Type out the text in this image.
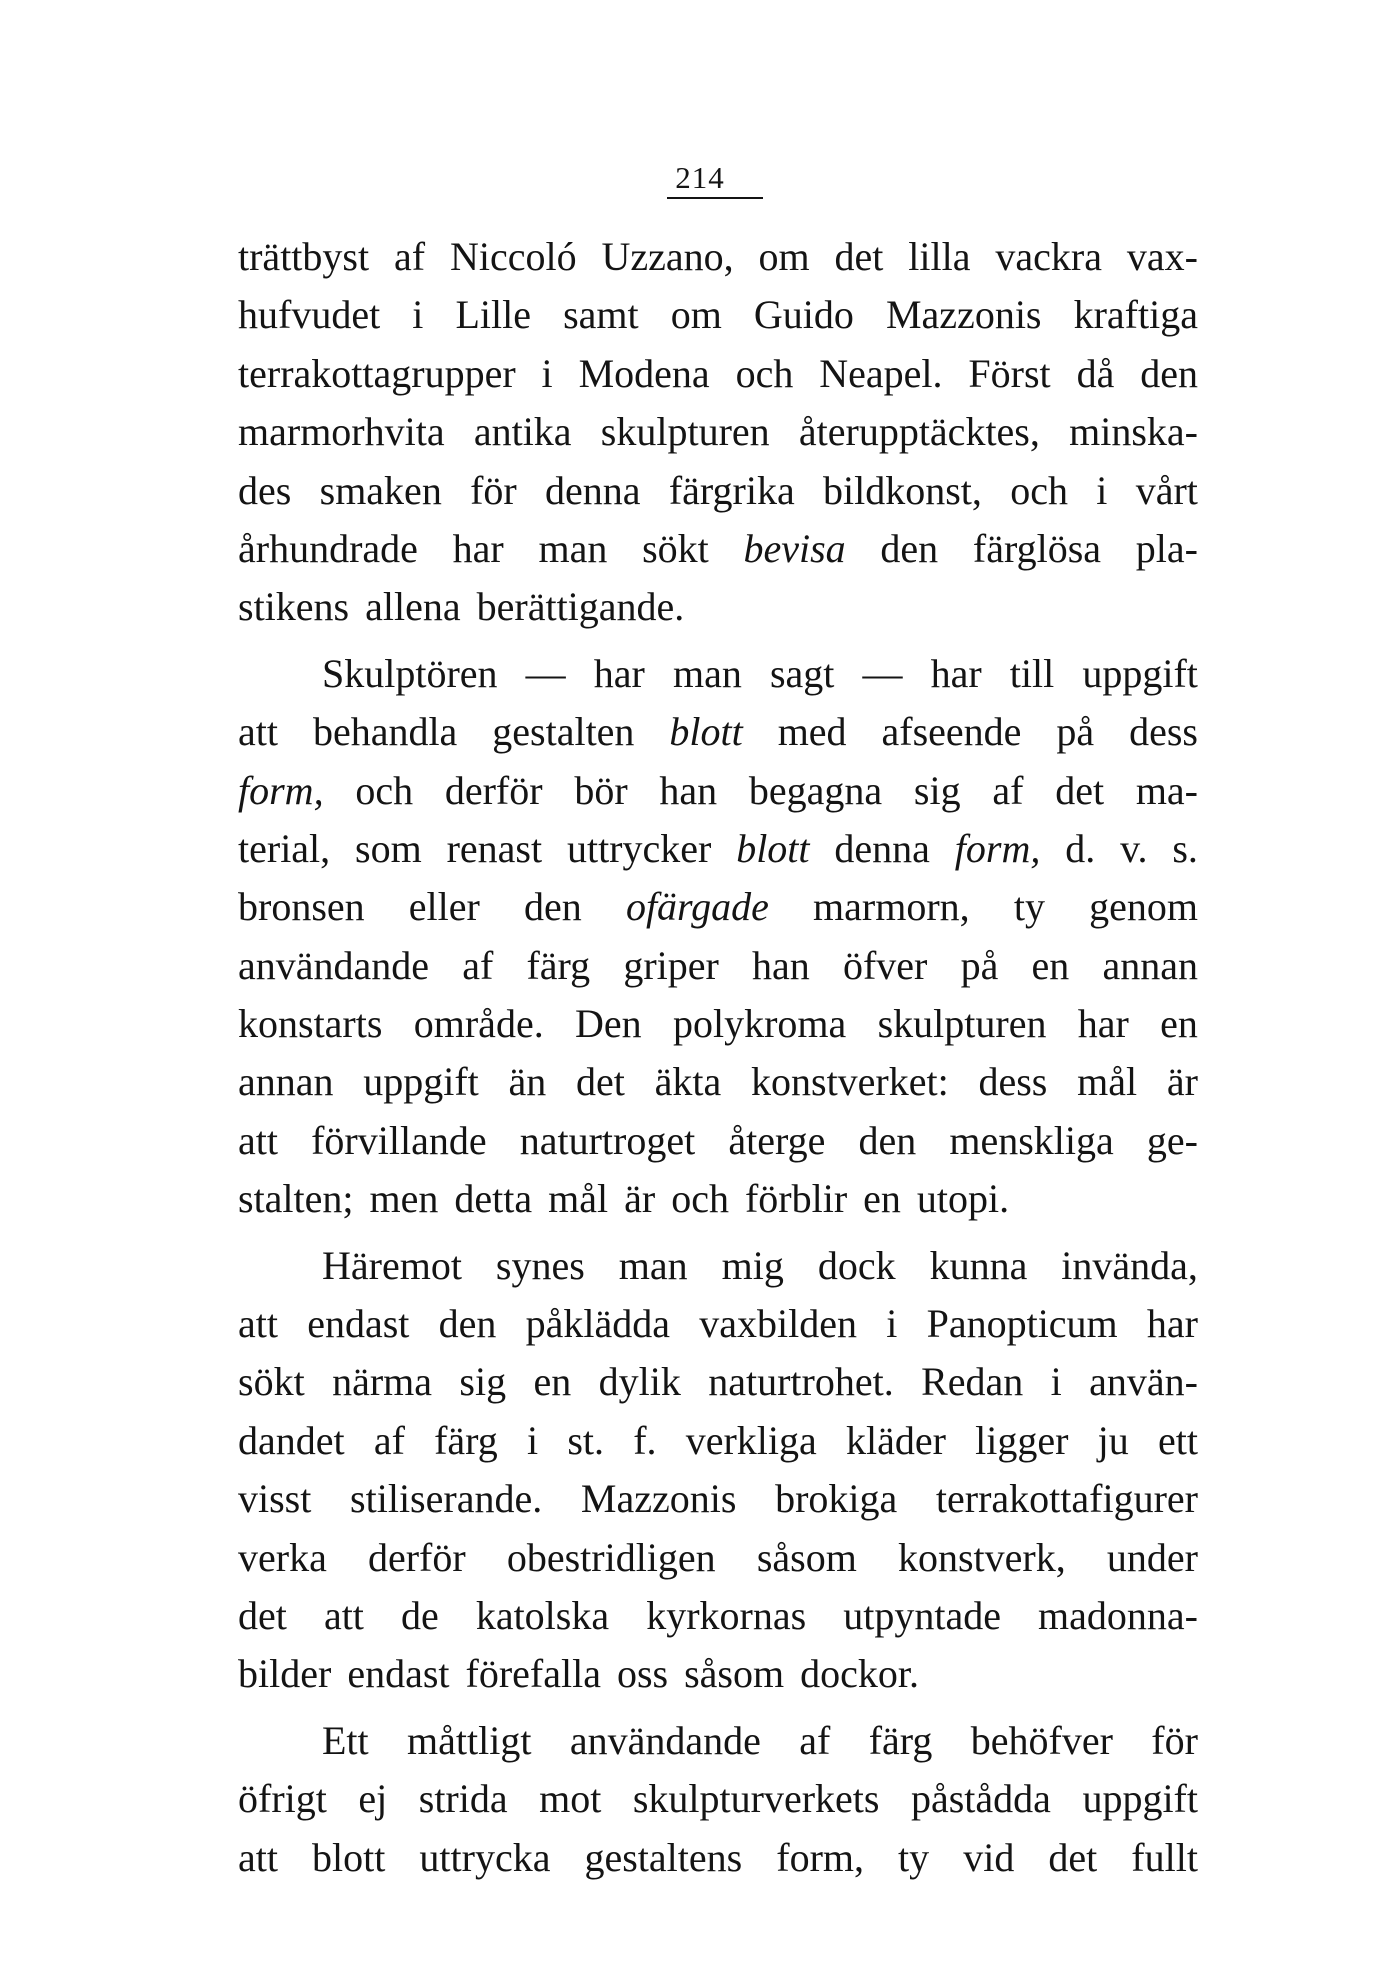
214
trättbyst af Niccoló Uzzano, om det lilla vackra vax-
hufvudet i Lille samt om Guido Mazzonis kraftiga
terrakottagrupper i Modena och Neapel. Först då den
marmorhvita antika skulpturen återupptäcktes, minska-
des smaken för denna färgrika bildkonst, och i vårt
århundrade har man sökt bevisa den färglösa pla-
stikens allena berättigande.
Skulptören — har man sagt — har till uppgift
att behandla gestalten blott med afseende på dess
form, och derför bör han begagna sig af det ma-
terial, som renast uttrycker blott denna form, d. v. s.
bronsen eller den ofärgade marmorn, ty genom
användande af färg griper han öfver på en annan
konstarts område. Den polykroma skulpturen har en
annan uppgift än det äkta konstverket: dess mål är
att förvillande naturtroget återge den menskliga ge-
stalten; men detta mål är och förblir en utopi.
Häremot synes man mig dock kunna invända,
att endast den påklädda vaxbilden i Panopticum har
sökt närma sig en dylik naturtrohet. Redan i använ-
dandet af färg i st. f. verkliga kläder ligger ju ett
visst stiliserande. Mazzonis brokiga terrakottafigurer
verka derför obestridligen såsom konstverk, under
det att de katolska kyrkornas utpyntade madonna-
bilder endast förefalla oss såsom dockor.
Ett måttligt användande af färg behöfver för
öfrigt ej strida mot skulpturverkets påstådda uppgift
att blott uttrycka gestaltens form, ty vid det fullt
